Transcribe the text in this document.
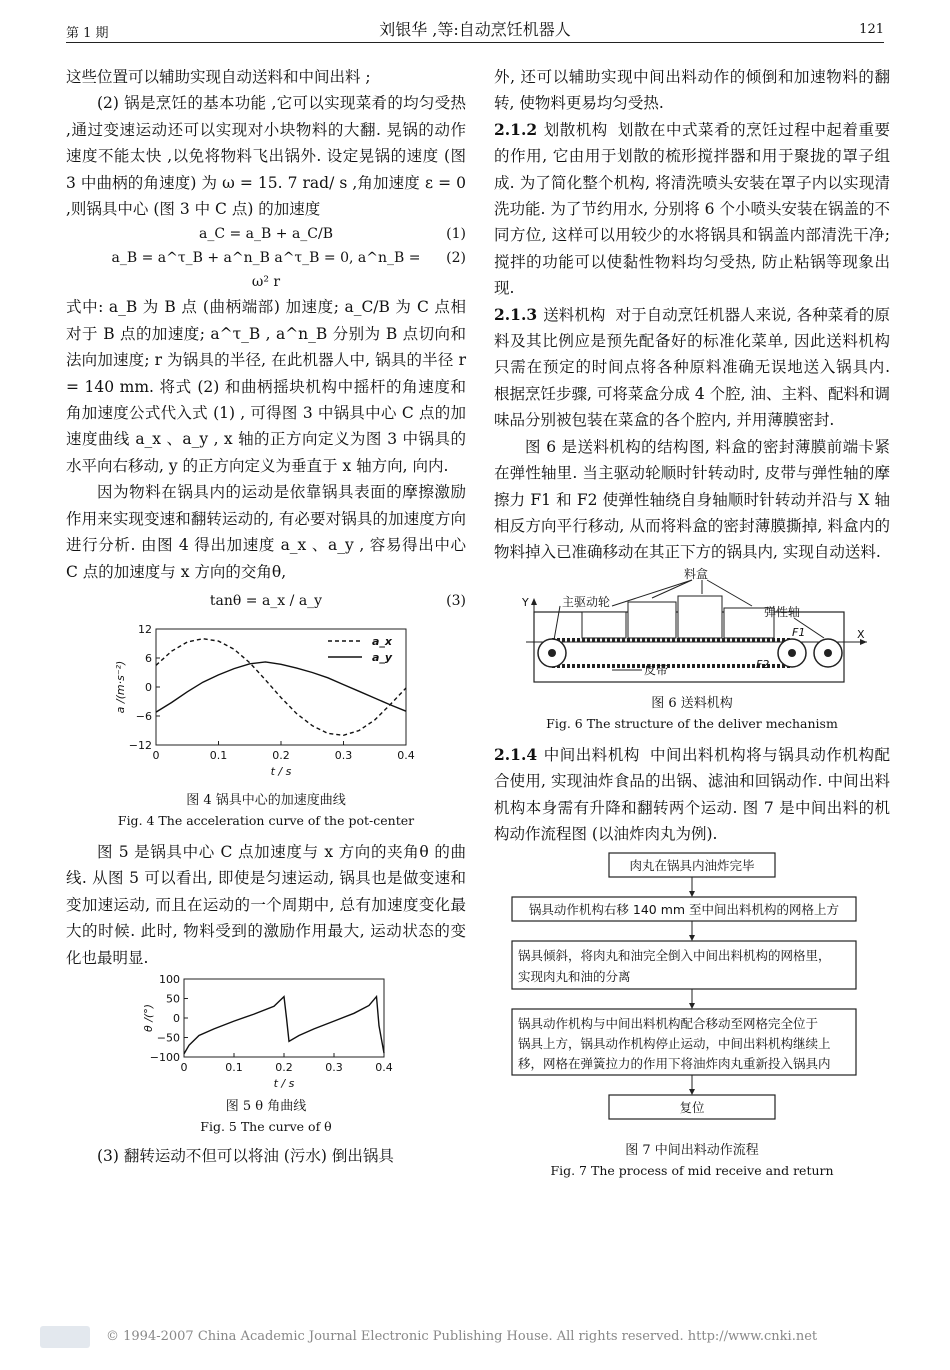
第 1 期	刘银华 ,等:自动烹饪机器人	121

这些位置可以辅助实现自动送料和中间出料 ;

(2) 锅是烹饪的基本功能 ,它可以实现菜肴的均匀受热 ,通过变速运动还可以实现对小块物料的大翻. 晃锅的动作速度不能太快 ,以免将物料飞出锅外. 设定晃锅的速度 (图 3 中曲柄的角速度) 为 ω = 15. 7 rad/ s ,角加速度 ε = 0 ,则锅具中心 (图 3 中 C 点) 的加速度

a_C = a_B + a_C/B	(1)
a_B = a^τ_B + a^n_B a^τ_B = 0, a^n_B = ω² r
(2)

式中: a_B 为 B 点 (曲柄端部) 加速度; a_C/B 为 C 点相对于 B 点的加速度; a^τ_B , a^n_B 分别为 B 点切向和法向加速度; r 为锅具的半径, 在此机器人中, 锅具的半径 r = 140 mm. 将式 (2) 和曲柄摇块机构中摇杆的角速度和角加速度公式代入式 (1) , 可得图 3 中锅具中心 C 点的加速度曲线 a_x 、a_y , x 轴的正方向定义为图 3 中锅具的水平向右移动, y 的正方向定义为垂直于 x 轴方向, 向内.

因为物料在锅具内的运动是依靠锅具表面的摩擦激励作用来实现变速和翻转运动的, 有必要对锅具的加速度方向进行分析. 由图 4 得出加速度 a_x 、a_y , 容易得出中心 C 点的加速度与 x 方向的交角θ,

tanθ = a_x / a_y	(3)
12
6
0
−6
−12
0	0.1	0.2	0.3	0.4
t / s
a /(m·s⁻²)
a_x
a_y
图 4 锅具中心的加速度曲线
Fig. 4 The acceleration curve of the pot-center

图 5 是锅具中心 C 点加速度与 x 方向的夹角θ 的曲线. 从图 5 可以看出, 即使是匀速运动, 锅具也是做变速和变加速运动, 而且在运动的一个周期中, 总有加速度变化最大的时候. 此时, 物料受到的激励作用最大, 运动状态的变化也最明显.

100
50
0
−50
−100
0	0.1	0.2	0.3	0.4
t / s
θ /(°)
图 5 θ 角曲线
Fig. 5 The curve of θ

(3) 翻转运动不但可以将油 (污水) 倒出锅具

外, 还可以辅助实现中间出料动作的倾倒和加速物料的翻转, 使物料更易均匀受热.

2.1.2 划散机构 划散在中式菜肴的烹饪过程中起着重要的作用, 它由用于划散的梳形搅拌器和用于聚拢的罩子组成. 为了简化整个机构, 将清洗喷头安装在罩子内以实现清洗功能. 为了节约用水, 分别将 6 个小喷头安装在锅盖的不同方位, 这样可以用较少的水将锅具和锅盖内部清洗干净; 搅拌的功能可以使黏性物料均匀受热, 防止粘锅等现象出现.

2.1.3 送料机构 对于自动烹饪机器人来说, 各种菜肴的原料及其比例应是预先配备好的标准化菜单, 因此送料机构只需在预定的时间点将各种原料准确无误地送入锅具内. 根据烹饪步骤, 可将菜盒分成 4 个腔, 油、主料、配料和调味品分别被包装在菜盒的各个腔内, 并用薄膜密封.

图 6 是送料机构的结构图, 料盒的密封薄膜前端卡紧在弹性轴里. 当主驱动轮顺时针转动时, 皮带与弹性轴的摩擦力 F1 和 F2 使弹性轴绕自身轴顺时针转动并沿与 X 轴相反方向平行移动, 从而将料盒的密封薄膜撕掉, 料盒内的物料掉入已准确移动在其正下方的锅具内, 实现自动送料.

Y
X
料盒
主驱动轮
弹性轴
皮带
F1
F2
图 6 送料机构
Fig. 6 The structure of the deliver mechanism

2.1.4 中间出料机构 中间出料机构将与锅具动作机构配合使用, 实现油炸食品的出锅、滤油和回锅动作. 中间出料机构本身需有升降和翻转两个运动. 图 7 是中间出料的机构动作流程图 (以油炸肉丸为例).

肉丸在锅具内油炸完毕
锅具动作机构右移 140 mm 至中间出料机构的网格上方
锅具倾斜，将肉丸和油完全倒入中间出料机构的网格里，
实现肉丸和油的分离
锅具动作机构与中间出料机构配合移动至网格完全位于
锅具上方，锅具动作机构停止运动，中间出料机构继续上
移，网格在弹簧拉力的作用下将油炸肉丸重新投入锅具内
复位
图 7 中间出料动作流程
Fig. 7 The process of mid receive and return
© 1994-2007 China Academic Journal Electronic Publishing House. All rights reserved. http://www.cnki.net
